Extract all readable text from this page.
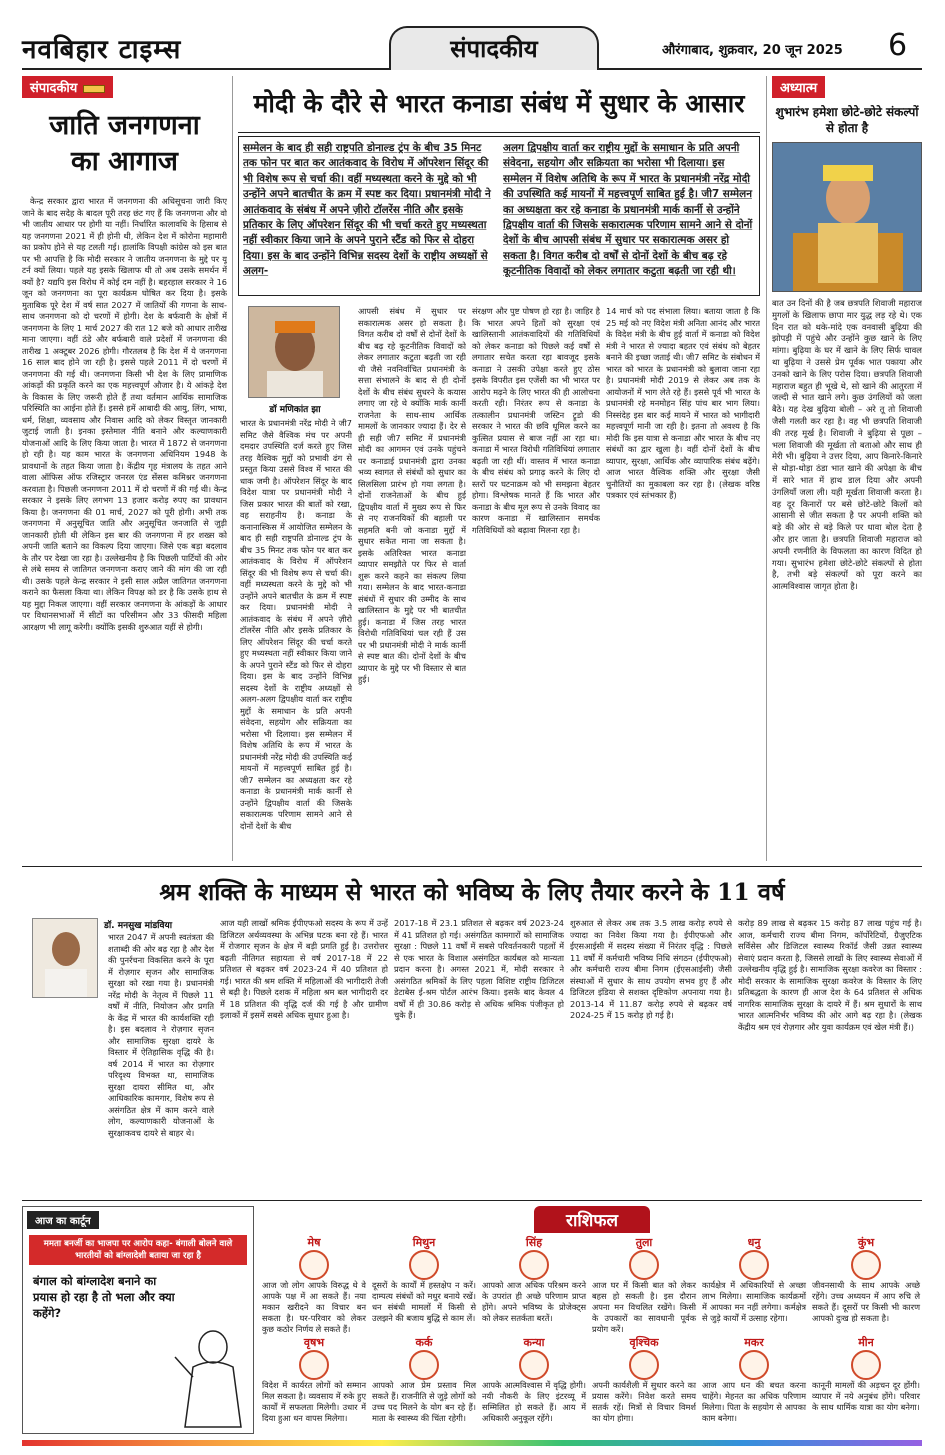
नवबिहार टाइम्स	संपादकीय	औरंगाबाद, शुक्रवार, 20 जून 2025 6
संपादकीय
जाति जनगणना
का आगाज

केन्द्र सरकार द्वारा भारत में जनगणना की अधिसूचना जारी किए जाने के बाद सदेह के बादल पूरी तरह छंट गए हैं कि जनगणना और वो भी जातीय आधार पर होगी या नहीं। निर्धारित कालावधि के हिसाब से यह जनगणना 2021 में ही होनी थी, लेकिन देश में कोरोना महामारी का प्रकोप होने से यह टलती गई। हालांकि विपक्षी कांग्रेस को इस बात पर भी आपत्ति है कि मोदी सरकार ने जातीय जनगणना के मुद्दे पर यू टर्न क्यों लिया। पहले यह इसके खिलाफ थी तो अब उसके समर्थन में क्यों है? यद्यपि इस विरोध में कोई दम नहीं है। बहरहाल सरकार ने 16 जून को जनगणना का पूरा कार्यक्रम घोषित कर दिया है। इसके मुताबिक पूरे देश में वर्ष सात 2027 में जातियों की गणना के साथ-साथ जनगणना को दो चरणों में होगी। देश के बर्फवारी के क्षेत्रों में जनगणना के लिए 1 मार्च 2027 की रात 12 बजे को आधार तारीख माना जाएगा। वहीं ठंडे और बर्फबारी वाले प्रदेशों में जनगणना की तारीख 1 अक्टूबर 2026 होगी। गौरतलब है कि देश में ये जनगणना 16 साल बाद होने जा रही है। इससे पहले 2011 में दो चरणों में जनगणना की गई थी। जनगणना किसी भी देश के लिए प्रामाणिक आंकड़ों की प्रकृति करने का एक महत्त्वपूर्ण औजार है। ये आंकड़े देश के विकास के लिए जरूरी होते हैं तथा वर्तमान आर्थिक सामाजिक परिस्थिति का आईना होते हैं। इससे हमें आबादी की आयु, लिंग, भाषा, धर्म, शिक्षा, व्यवसाय और निवास आदि को लेकर विस्तृत जानकारी जुटाई जाती है। इनका इस्तेमाल नीति बनाने और कल्याणकारी योजनाओं आदि के लिए किया जाता है। भारत में 1872 से जनगणना हो रही है। यह काम भारत के जनगणना अधिनियम 1948 के प्रावधानों के तहत किया जाता है। केंद्रीय गृह मंत्रालय के तहत आने वाला ऑफिस ऑफ रजिस्ट्रार जनरल एंड सेंसस कमिश्नर जनगणना करवाता है। पिछली जनगणना 2011 में दो चरणों में की गई थी। केन्द्र सरकार ने इसके लिए लगभग 13 हजार करोड़ रुपए का प्रावधान किया है। जनगणना की 01 मार्च, 2027 को पूरी होगी। अभी तक जनगणना में अनुसूचित जाति और अनुसूचित जनजाति से जुड़ी जानकारी होती थी लेकिन इस बार की जनगणना में हर शख्स को अपनी जाति बताने का विकल्प दिया जाएगा। जिसे एक बड़ा बदलाव के तौर पर देखा जा रहा है। उल्लेखनीय है कि पिछली पार्टियों की ओर से लंबे समय से जातिगत जनगणना कराए जाने की मांग की जा रही थी। उसके पहले केन्द्र सरकार ने इसी साल अप्रैल जातिगत जनगणना कराने का फैसला किया था। लेकिन विपक्ष को डर है कि उसके हाथ से यह मुद्दा निकल जाएगा। वहीं सरकार जनगणना के आंकड़ों के आधार पर विधानसभाओं में सीटों का परिसीमन और 33 फीसदी महिला आरक्षण भी लागू करेगी। क्योंकि इसकी शुरुआत यहीं से होगी।

मोदी के दौरे से भारत कनाडा संबंध में सुधार के आसार
सम्मेलन के बाद ही सही राष्ट्रपति डोनाल्ड ट्रंप के बीच 35 मिनट तक फोन पर बात कर आतंकवाद के विरोध में ऑपरेशन सिंदूर की भी विशेष रूप से चर्चा की। वहीं मध्यस्थता करने के मुद्दे को भी उन्होंने अपने बातचीत के क्रम में स्पष्ट कर दिया। प्रधानमंत्री मोदी ने आतंकवाद के संबंध में अपने ज़ीरो टॉलरेंस नीति और इसके प्रतिकार के लिए ऑपरेशन सिंदूर की भी चर्चा करते हुए मध्यस्थता नहीं स्वीकार किया जाने के अपने पुराने स्टैंड को फिर से दोहरा दिया। इस के बाद उन्होंने विभिन्न सदस्य देशों के राष्ट्रीय अध्यक्षों से अलग-
अलग द्विपक्षीय वार्ता कर राष्ट्रीय मुद्दों के समाधान के प्रति अपनी संवेदना, सहयोग और सक्रियता का भरोसा भी दिलाया। इस सम्मेलन में विशेष अतिथि के रूप में भारत के प्रधानमंत्री नरेंद्र मोदी की उपस्थिति कई मायनों में महत्त्वपूर्ण साबित हुई है। जी7 सम्मेलन का अध्यक्षता कर रहे कनाडा के प्रधानमंत्री मार्क कार्नी से उन्होंने द्विपक्षीय वार्ता की जिसके सकारात्मक परिणाम सामने आने से दोनों देशों के बीच आपसी संबंध में सुधार पर सकारात्मक असर हो सकता है। विगत करीब दो वर्षों से दोनों देशों के बीच बढ़ रहे कूटनीतिक विवादों को लेकर लगातार कटुता बढ़ती जा रही थी।
डॉ मणिकांत झा
भारत के प्रधानमंत्री नरेंद्र मोदी ने जी7 समिट जैसे वैश्विक मंच पर अपनी दमदार उपस्थिति दर्ज करते हुए जिस तरह वैश्विक मुद्दों को प्रभावी ढंग से प्रस्तुत किया उससे विश्व में भारत की धाक जमी है। ऑपरेशन सिंदूर के बाद विदेश यात्रा पर प्रधानमंत्री मोदी ने जिस प्रकार भारत की बातों को रखा, वह सराहनीय है। कनाडा के कनानास्किस में आयोजित सम्मेलन के बाद ही सही राष्ट्रपति डोनाल्ड ट्रंप के बीच 35 मिनट तक फोन पर बात कर आतंकवाद के विरोध में ऑपरेशन सिंदूर की भी विशेष रूप से चर्चा की। वहीं मध्यस्थता करने के मुद्दे को भी उन्होंने अपने बातचीत के क्रम में स्पष्ट कर दिया। प्रधानमंत्री मोदी ने आतंकवाद के संबंध में अपने ज़ीरो टॉलरेंस नीति और इसके प्रतिकार के लिए ऑपरेशन सिंदूर की चर्चा करते हुए मध्यस्थता नहीं स्वीकार किया जाने के अपने पुराने स्टैंड को फिर से दोहरा दिया। इस के बाद उन्होंने विभिन्न सदस्य देशों के राष्ट्रीय अध्यक्षों से अलग-अलग द्विपक्षीय वार्ता कर राष्ट्रीय मुद्दों के समाधान के प्रति अपनी संवेदना, सहयोग और सक्रियता का भरोसा भी दिलाया। इस सम्मेलन में विशेष अतिथि के रूप में भारत के प्रधानमंत्री नरेंद्र मोदी की उपस्थिति कई मायनों में महत्त्वपूर्ण साबित हुई है। जी7 सम्मेलन का अध्यक्षता कर रहे कनाडा के प्रधानमंत्री मार्क कार्नी से उन्होंने द्विपक्षीय वार्ता की जिसके सकारात्मक परिणाम सामने आने से दोनों देशों के बीच
आपसी संबंध में सुधार पर सकारात्मक असर हो सकता है। विगत करीब दो वर्षों से दोनों देशों के बीच बढ़ रहे कूटनीतिक विवादों को लेकर लगातार कटुता बढ़ती जा रही थी जैसे नवनिर्वाचित प्रधानमंत्री के सत्ता संभालने के बाद से ही दोनों देशों के बीच संबंध सुधरने के कयास लगाए जा रहे थे क्योंकि मार्क कार्नी राजनेता के साथ-साथ आर्थिक मामलों के जानकार ज्यादा हैं। देर से ही सही जी7 समिट में प्रधानमंत्री मोदी का आगमन एवं उनके पहुंचने पर कनाडाई प्रधानमंत्री द्वारा उनका भव्य स्वागत से संबंधों को सुधार का सिलसिला प्रारंभ हो गया लगता है। दोनों राजनेताओं के बीच हुई द्विपक्षीय वार्ता में मुख्य रूप से फिर से नए राजनयिकों की बहाली पर सहमति बनी जो कनाडा मुद्दों में सुधार सकेत माना जा सकता है। इसके अतिरिक्त भारत कनाडा व्यापार समझौते पर फिर से वार्ता शुरू करने कहने का संकल्प लिया गया। सम्मेलन के बाद भारत-कनाडा संबंधों में सुधार की उम्मीद के साथ खालिस्तान के मुद्दे पर भी बातचीत हुई। कनाडा में जिस तरह भारत विरोधी गतिविधियां चल रही हैं उस पर भी प्रधानमंत्री मोदी ने मार्क कार्नी से स्पष्ट बात की। दोनों देशों के बीच व्यापार के मुद्दे पर भी विस्तार से बात हुई।
संरक्षण और पुष्ट पोषण हो रहा है। जाहिर है कि भारत अपने हितों को सुरक्षा एवं खालिस्तानी आतंकवादियों की गतिविधियों को लेकर कनाडा को पिछले कई वर्षों से लगातार सचेत करता रहा बावजूद इसके कनाडा ने उसकी उपेक्षा करते हुए ठोस इसके विपरीत इस एजेंसी का भी भारत पर आरोप मढ़ने के लिए भारत की ही आलोचना करती रही। निरंतर रूप से कनाडा के तत्कालीन प्रधानमंत्री जस्टिन ट्रूडो की सरकार ने भारत की छवि धूमिल करने का कुत्सित प्रयास से बाज नहीं आ रहा था। कनाडा में भारत विरोधी गतिविधियां लगातार बढ़ती जा रही थीं। वास्तव में भारत कनाडा के बीच संबंध को प्रगाढ़ करने के लिए दो स्तरों पर घटनाक्रम को भी समझना बेहतर होगा। विश्लेषक मानते हैं कि भारत और कनाडा के बीच मूल रूप से उनके विवाद का कारण कनाडा में खालिस्तान समर्थक गतिविधियों को बढ़ावा मिलना रहा है।
14 मार्च को पद संभाला लिया। बताया जाता है कि 25 मई को नए विदेश मंत्री अनिता आनंद और भारत के विदेश मंत्री के बीच हुई वार्ता में कनाडा को विदेश मंत्री ने भारत से ज्यादा बहतर एवं संबंध को बेहतर बनाने की इच्छा जताई थी। जी7 समिट के संबोधन में भारत को भारत के प्रधानमंत्री को बुलावा जाना रहा है। प्रधानमंत्री मोदी 2019 से लेकर अब तक के आयोजनों में भाग लेते रहे हैं। इससे पूर्व भी भारत के प्रधानमंत्री रहे मनमोहन सिंह पांच बार भाग लिया। निस्संदेह इस बार कई मायने में भारत को भागीदारी महत्त्वपूर्ण मानी जा रही है। इतना तो अवश्य है कि मोदी कि इस यात्रा से कनाडा और भारत के बीच नए संबंधों का द्वार खुला है। वहीं दोनों देशों के बीच व्यापार, सुरक्षा, आर्थिक और व्यापारिक संबंध बढ़ेंगे। आज भारत वैश्विक शक्ति और सुरक्षा जैसी चुनौतियों का मुकाबला कर रहा है। (लेखक वरिष्ठ पत्रकार एवं स्तंभकार हैं)
अध्यात्म
शुभारंभ हमेशा छोटे-छोटे संकल्पों से होता है
बात उन दिनों की है जब छत्रपति शिवाजी महाराज मुगलों के खिलाफ छापा मार युद्ध लड़ रहे थे। एक दिन रात को थके-मांदे एक वनवासी बुढ़िया की झोपड़ी में पहुंचे और उन्होंने कुछ खाने के लिए मांगा। बुढ़िया के घर में खाने के लिए सिर्फ चावल था बुढ़िया ने उससे प्रेम पूर्वक भात पकाया और उनको खाने के लिए परोस दिया। छत्रपति शिवाजी महाराज बहुत ही भूखे थे, सो खाने की आतुरता में जल्दी से भात खाने लगे। कुछ उंगलियों को जला बैठे। यह देख बुढ़िया बोली – अरे तू तो शिवाजी जैसी गलती कर रहा है। वह भी छत्रपति शिवाजी की तरह मूर्ख है। शिवाजी ने बुढ़िया से पूछा – भला शिवाजी की मूर्खता तो बताओ और साथ ही मेरी भी। बुढ़िया ने उत्तर दिया, आप किनारे-किनारे से थोड़ा-थोड़ा ठंडा भात खाने की अपेक्षा के बीच में सारे भात में हाथ डाल दिया और अपनी उंगलियाँ जला ली। यही मूर्खता शिवाजी करता है। वह दूर किनारों पर बसे छोटे-छोटे किलों को आसानी से जीत सकता है पर अपनी शक्ति को बड़े की ओर से बड़े किले पर धावा बोल देता है और हार जाता है। छत्रपति शिवाजी महाराज को अपनी रणनीति के विफलता का कारण विदित हो गया। सुभारंभ हमेशा छोटे-छोटे संकल्पों से होता है, तभी बड़े संकल्पों को पूरा करने का आत्मविश्वास जागृत होता है।
श्रम शक्ति के माध्यम से भारत को भविष्य के लिए तैयार करने के 11 वर्ष
डॉ. मनसुख मांडविया
भारत 2047 में अपनी स्वतंत्रता की शताब्दी की ओर बढ़ रहा है और देश की पुनर्रचना विकसित करने के पूरा में रोज़गार सृजन और सामाजिक सुरक्षा को रखा गया है। प्रधानमंत्री नरेंद्र मोदी के नेतृत्व में पिछले 11 वर्षों में नीति, नियोजन और प्रगति के केंद्र में भारत की कार्यशक्ति रही है। इस बदलाव ने रोज़गार सृजन और सामाजिक सुरक्षा दायरे के विस्तार में ऐतिहासिक वृद्धि की है। वर्ष 2014 में भारत का रोज़गार परिदृश्य विभक्त था, सामाजिक सुरक्षा दायरा सीमित था, और आधिकारिक कामगार, विशेष रूप से असंगठित क्षेत्र में काम करने वाले लोग, कल्याणकारी योजनाओं के सुरक्षाकवच दायरे से बाहर थे।
आज यही लाखों श्रमिक ईपीएफओ सदस्य के रूप में उन्हें डिजिटल अर्थव्यवस्था के अभिन्न घटक बना रहे हैं। भारत में रोजगार सृजन के क्षेत्र में बड़ी प्रगति हुई है। उत्तरोत्तर बढ़ती नीतिगत सहायता से वर्ष 2017-18 में 22 प्रतिशत से बढ़कर वर्ष 2023-24 में 40 प्रतिशत हो गई। भारत की श्रम शक्ति में महिलाओं की भागीदारी तेजी से बढ़ी है। पिछले दशक में महिला श्रम बल भागीदारी दर में 18 प्रतिशत की वृद्धि दर्ज की गई है और ग्रामीण इलाकों में इसमें सबसे अधिक सुधार हुआ है।
2017-18 में 23.1 प्रतिशत से बढ़कर वर्ष 2023-24 में 41 प्रतिशत हो गई। असंगठित कामगारों को सामाजिक सुरक्षा : पिछले 11 वर्षों में सबसे परिवर्तनकारी पहलों में से एक भारत के विशाल असंगठित कार्यबल को मान्यता प्रदान करना है। अगस्त 2021 में, मोदी सरकार ने असंगठित श्रमिकों के लिए पहला विशिष्ट राष्ट्रीय डिजिटल डेटाबेस ई-श्रम पोर्टल आरंभ किया। इसके बाद केवल 4 वर्षों में ही 30.86 करोड़ से अधिक श्रमिक पंजीकृत हो चुके हैं।
शुरुआत से लेकर अब तक 3.5 लाख करोड़ रुपये से ज्यादा का निवेश किया गया है। ईपीएफओ और ईएसआईसी में सदस्य संख्या में निरंतर वृद्धि : पिछले 11 वर्षों में कर्मचारी भविष्य निधि संगठन (ईपीएफओ) और कर्मचारी राज्य बीमा निगम (ईएसआईसी) जैसी संस्थाओं में सुधार के साथ उपयोग सभव हुए हैं और डिजिटल इंडिया से सशक्त दृष्टिकोण अपनाया गया है। 2013-14 में 11.87 करोड़ रुपये से बढ़कर वर्ष 2024-25 में 15 करोड़ हो गई है।
करोड़ 89 लाख से बढ़कर 15 करोड़ 87 लाख पहुंच गई है। आज, कर्मचारी राज्य बीमा निगम, कॉर्पोरेटियों, ग्रैजुएटिक सर्विसेस और डिजिटल स्वास्थ्य रिकॉर्ड जैसी उन्नत स्वास्थ्य सेवाएं प्रदान करता है, जिससे लाखों के लिए स्वास्थ्य सेवाओं में उल्लेखनीय वृद्धि हुई है। सामाजिक सुरक्षा कवरेज का विस्तार : मोदी सरकार के सामाजिक सुरक्षा कवरेज के विस्तार के लिए प्रतिबद्धता के कारण ही आज देश के 64 प्रतिशत से अधिक नागरिक सामाजिक सुरक्षा के दायरे में हैं। श्रम सुधारों के साथ भारत आत्मनिर्भर भविष्य की ओर आगे बढ़ रहा है। (लेखक केंद्रीय श्रम एवं रोज़गार और युवा कार्यक्रम एवं खेल मंत्री हैं।)
आज का कार्टून
ममता बनर्जी का भाजपा पर आरोप कहा- बंगाली बोलने वाले भारतीयों को बांग्लादेशी बताया जा रहा है
बंगाल को बांग्लादेश बनाने का प्रयास हो रहा है तो भला और क्या कहेंगे?
राशिफल
मेष
आज जो लोग आपके विरुद्ध थे वे आपके पक्ष में आ सकते हैं। नया मकान खरीदने का विचार बन सकता है। घर-परिवार को लेकर कुछ कठोर निर्णय ले सकते हैं।
मिथुन
दूसरों के कार्यों में हस्तक्षेप न करें। दाम्पत्य संबंधों को मधुर बनाये रखें। धन संबंधी मामलों में किसी से उलझने की बजाय बुद्धि से काम लें।
सिंह
आपको आज अधिक परिश्रम करने के उपरांत ही अच्छे परिणाम प्राप्त होंगे। अपने भविष्य के प्रोजेक्ट्स को लेकर सतर्कता बरतें।
तुला
आज घर में किसी बात को लेकर बहस हो सकती है। इस दौरान अपना मन विचलित रखेंगे। किसी के उपकारों का सावधानी पूर्वक प्रयोग करें।
धनु
कार्यक्षेत्र में अधिकारियों से अच्छा लाभ मिलेगा। सामाजिक कार्यक्रमों में आपका मन नहीं लगेगा। कर्मक्षेत्र से जुड़े कार्यों में उत्साह रहेगा।
कुंभ
जीवनसाथी के साथ आपके अच्छे रहेंगे। उच्च अध्ययन में आप रुचि ले सकते हैं। दूसरों पर किसी भी कारण आपको दुःख हो सकता है।
वृषभ
विदेश में कार्यरत लोगों को सम्मान मिल सकता है। व्यवसाय में रुके हुए कार्यों में सफलता मिलेगी। उधार में दिया हुआ धन वापस मिलेगा।
कर्क
आपको आज प्रेम प्रस्ताव मिल सकते हैं। राजनीति से जुड़े लोगों को उच्च पद मिलने के योग बन रहे हैं। माता के स्वास्थ्य की चिंता रहेगी।
कन्या
आपके आत्मविश्वास में वृद्धि होगी। नयी नौकरी के लिए इंटरव्यू में सम्मिलित हो सकते हैं। आय में अधिकारी अनुकूल रहेंगे।
वृश्चिक
अपनी कार्यशैली में सुधार करने का प्रयास करेंगे। निवेश करते समय सतर्क रहें। मित्रों से विचार विमर्श का योग होगा।
मकर
आज आप धन की बचत करना चाहेंगे। मेहनत का अधिक परिणाम मिलेगा। पिता के सहयोग से आपका काम बनेगा।
मीन
कानूनी मामलों की अड़चन दूर होंगी। व्यापार में नये अनुबंध होंगे। परिवार के साथ धार्मिक यात्रा का योग बनेगा।
